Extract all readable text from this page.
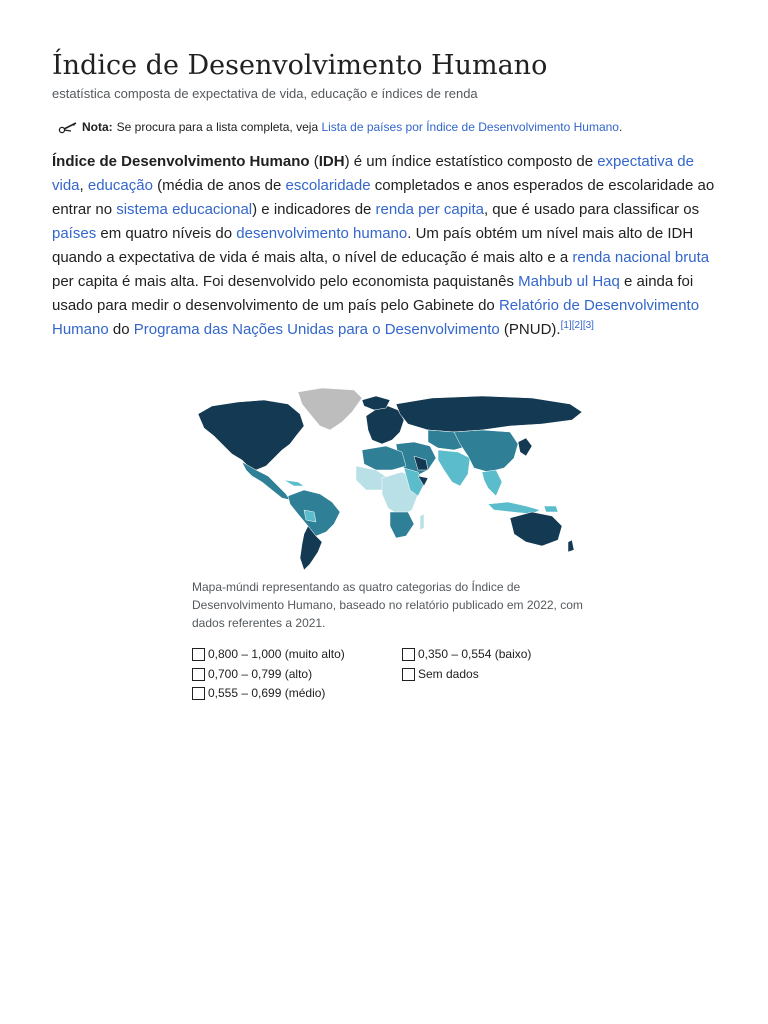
Índice de Desenvolvimento Humano
estatística composta de expectativa de vida, educação e índices de renda
Nota: Se procura para a lista completa, veja
Lista de países por Índice de Desenvolvimento Humano .

Índice de Desenvolvimento Humano (IDH) é um índice estatístico composto de expectativa de vida, educação (média de anos de escolaridade completados e anos esperados de escolaridade ao entrar no sistema educacional) e indicadores de renda per capita, que é usado para classificar os países em quatro níveis do desenvolvimento humano. Um país obtém um nível mais alto de IDH quando a expectativa de vida é mais alta, o nível de educação é mais alto e a renda nacional bruta per capita é mais alta. Foi desenvolvido pelo economista paquistanês Mahbub ul Haq e ainda foi usado para medir o desenvolvimento de um país pelo Gabinete do Relatório de Desenvolvimento Humano do Programa das Nações Unidas para o Desenvolvimento (PNUD).[1][2][3]

Mapa-múndi representando as quatro categorias do Índice de Desenvolvimento Humano, baseado no relatório publicado em 2022, com dados referentes a 2021.
0,800 – 1,000 (muito alto)
0,700 – 0,799 (alto)
0,555 – 0,699 (médio)
0,350 – 0,554 (baixo)
Sem dados
